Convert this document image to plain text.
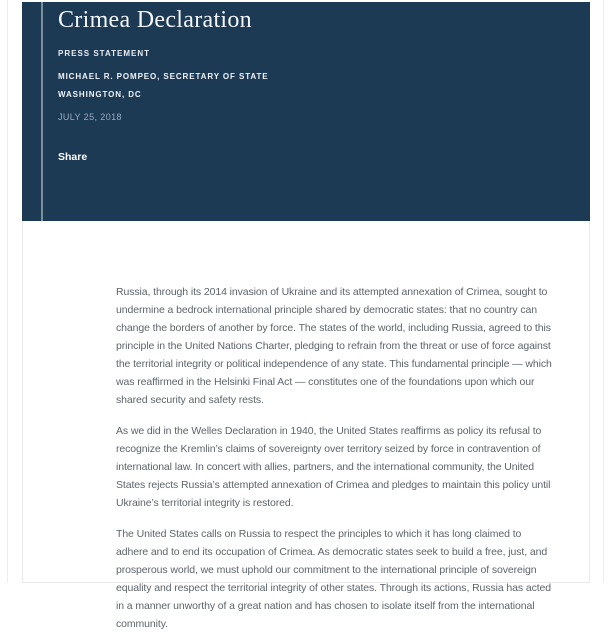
Crimea Declaration
PRESS STATEMENT
MICHAEL R. POMPEO, SECRETARY OF STATE
WASHINGTON, DC
JULY 25, 2018
Share

Russia, through its 2014 invasion of Ukraine and its attempted annexation of Crimea, sought to undermine a bedrock international principle shared by democratic states: that no country can change the borders of another by force. The states of the world, including Russia, agreed to this principle in the United Nations Charter, pledging to refrain from the threat or use of force against the territorial integrity or political independence of any state. This fundamental principle — which was reaffirmed in the Helsinki Final Act — constitutes one of the foundations upon which our shared security and safety rests.

As we did in the Welles Declaration in 1940, the United States reaffirms as policy its refusal to recognize the Kremlin’s claims of sovereignty over territory seized by force in contravention of international law. In concert with allies, partners, and the international community, the United States rejects Russia’s attempted annexation of Crimea and pledges to maintain this policy until Ukraine’s territorial integrity is restored.

The United States calls on Russia to respect the principles to which it has long claimed to adhere and to end its occupation of Crimea. As democratic states seek to build a free, just, and prosperous world, we must uphold our commitment to the international principle of sovereign equality and respect the territorial integrity of other states. Through its actions, Russia has acted in a manner unworthy of a great nation and has chosen to isolate itself from the international community.
